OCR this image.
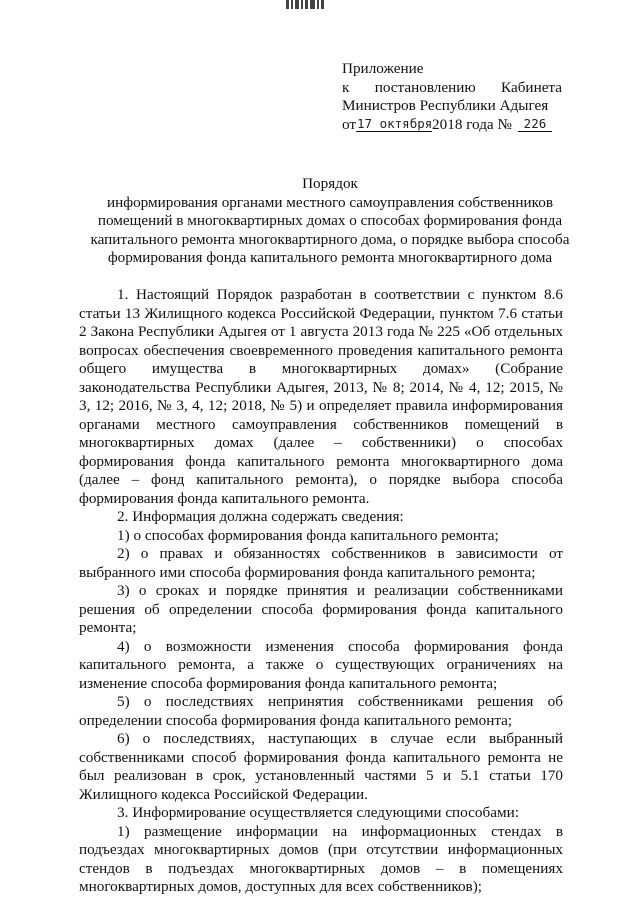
Приложение
к постановлению Кабинета
Министров Республики Адыгея
от 17 октября 2018 года № 226
Порядок
информирования органами местного самоуправления собственников
помещений в многоквартирных домах о способах формирования фонда
капитального ремонта многоквартирного дома, о порядке выбора способа
формирования фонда капитального ремонта многоквартирного дома

1. Настоящий Порядок разработан в соответствии с пунктом 8.6 статьи 13 Жилищного кодекса Российской Федерации, пунктом 7.6 статьи 2 Закона Республики Адыгея от 1 августа 2013 года № 225 «Об отдельных вопросах обеспечения своевременного проведения капитального ремонта общего имущества в многоквартирных домах» (Собрание законодательства Республики Адыгея, 2013, № 8; 2014, № 4, 12; 2015, № 3, 12; 2016, № 3, 4, 12; 2018, № 5) и определяет правила информирования органами местного самоуправления собственников помещений в многоквартирных домах (далее – собственники) о способах формирования фонда капитального ремонта многоквартирного дома (далее – фонд капитального ремонта), о порядке выбора способа формирования фонда капитального ремонта.

2. Информация должна содержать сведения:

1) о способах формирования фонда капитального ремонта;

2) о правах и обязанностях собственников в зависимости от выбранного ими способа формирования фонда капитального ремонта;

3) о сроках и порядке принятия и реализации собственниками решения об определении способа формирования фонда капитального ремонта;

4) о возможности изменения способа формирования фонда капитального ремонта, а также о существующих ограничениях на изменение способа формирования фонда капитального ремонта;

5) о последствиях непринятия собственниками решения об определении способа формирования фонда капитального ремонта;

6) о последствиях, наступающих в случае если выбранный собственниками способ формирования фонда капитального ремонта не был реализован в срок, установленный частями 5 и 5.1 статьи 170 Жилищного кодекса Российской Федерации.

3. Информирование осуществляется следующими способами:

1) размещение информации на информационных стендах в подъездах многоквартирных домов (при отсутствии информационных стендов в подъездах многоквартирных домов – в помещениях многоквартирных домов, доступных для всех собственников);
